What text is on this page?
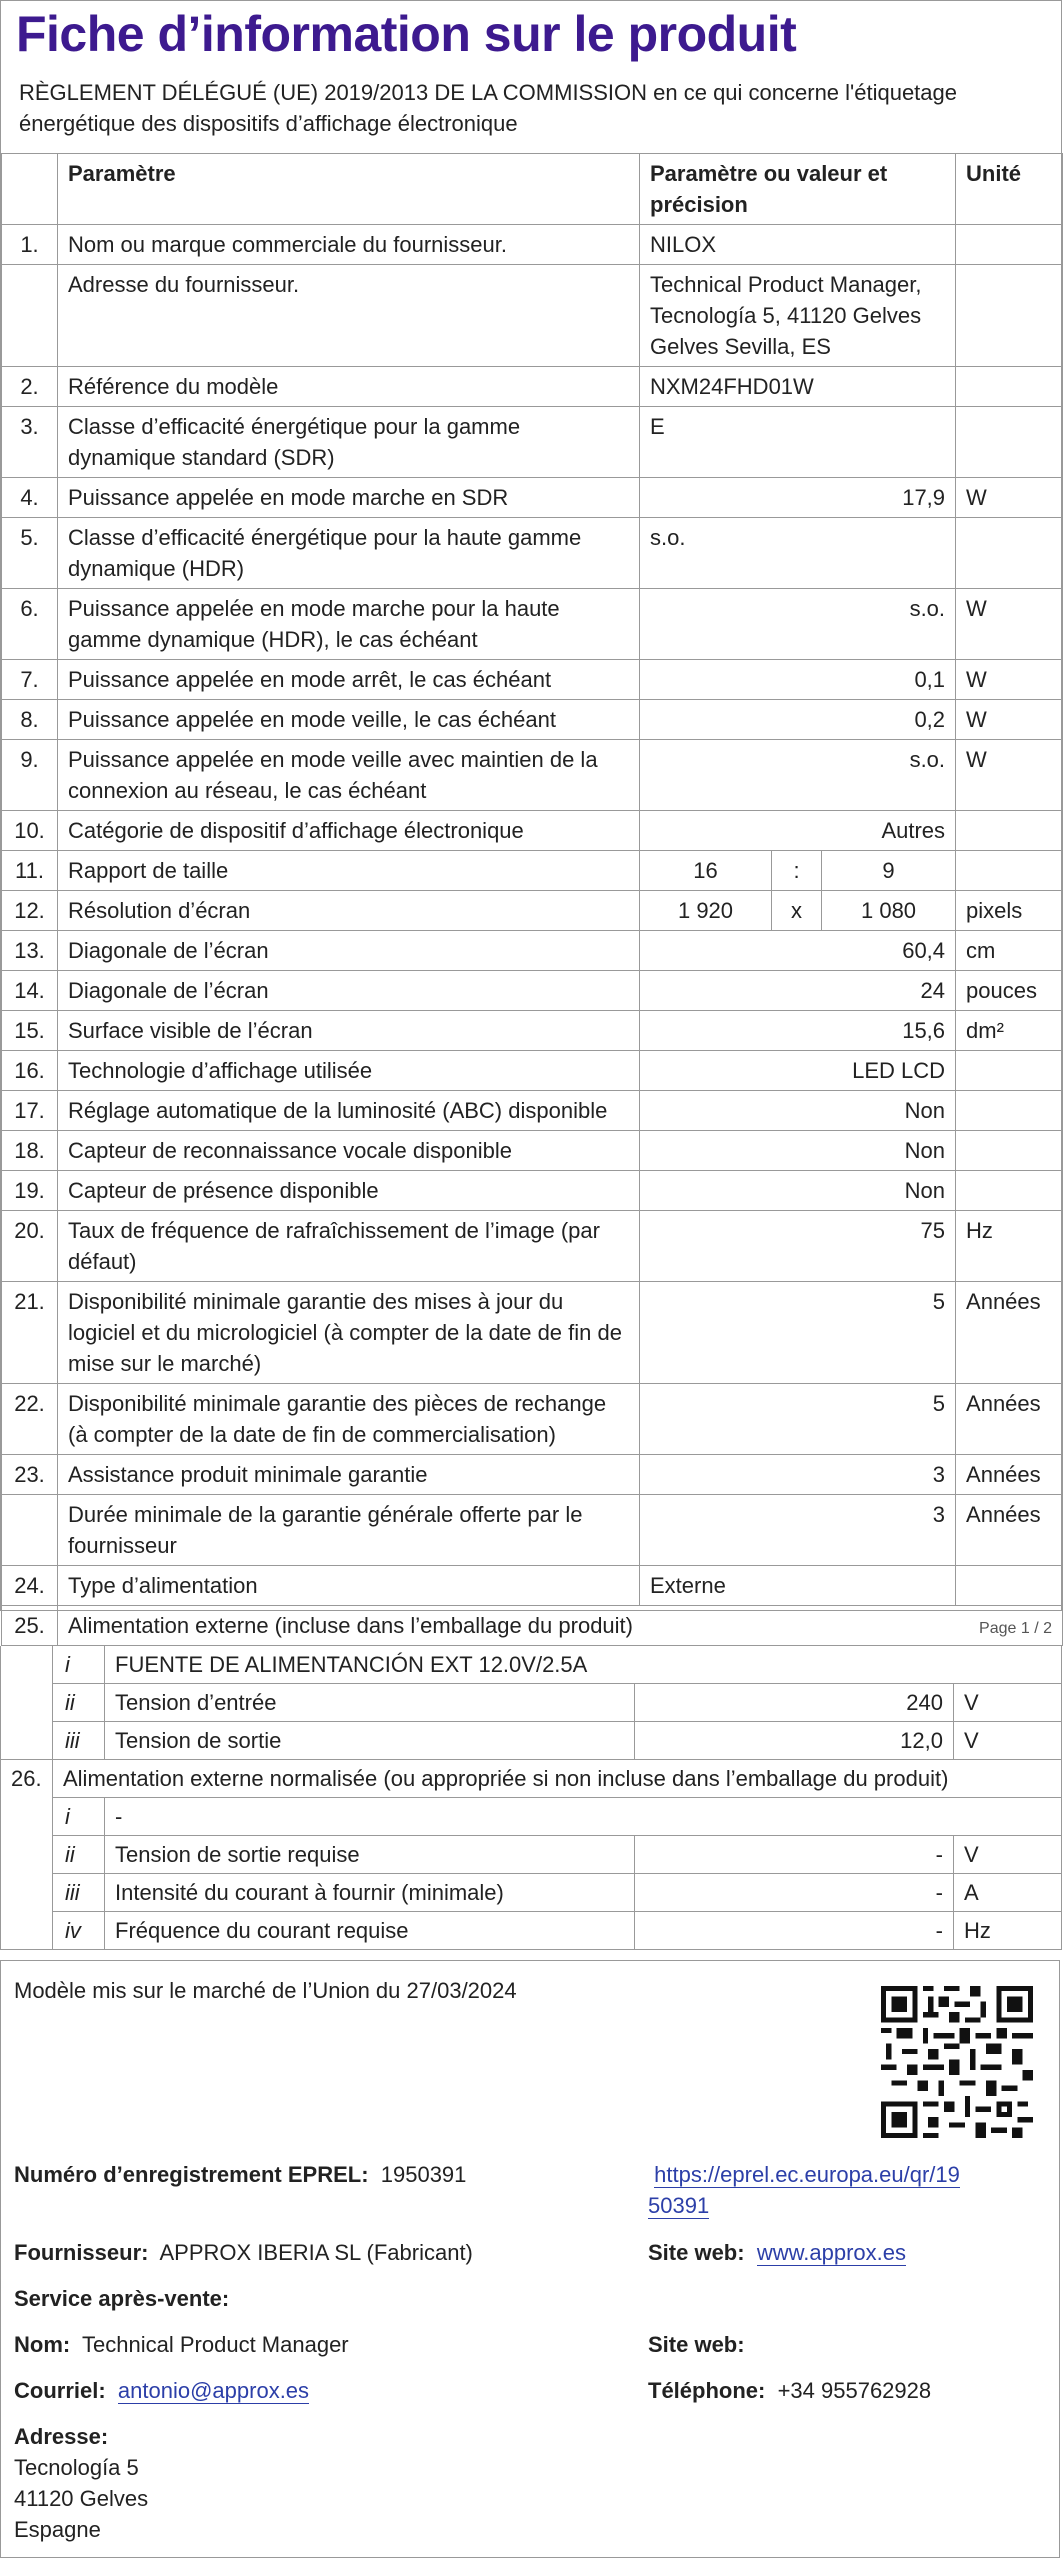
Fiche d’information sur le produit
RÈGLEMENT DÉLÉGUÉ (UE) 2019/2013 DE LA COMMISSION en ce qui concerne l'étiquetage énergétique des dispositifs d’affichage électronique
	Paramètre	Paramètre ou valeur et précision			Unité
1.	Nom ou marque commerciale du fournisseur.	NILOX			
	Adresse du fournisseur.	Technical Product Manager, Tecnología 5, 41120 Gelves Gelves Sevilla, ES			
2.	Référence du modèle	NXM24FHD01W			
3.	Classe d’efficacité énergétique pour la gamme dynamique standard (SDR)	E			
4.	Puissance appelée en mode marche en SDR	17,9			W
5.	Classe d’efficacité énergétique pour la haute gamme dynamique (HDR)	s.o.			
6.	Puissance appelée en mode marche pour la haute gamme dynamique (HDR), le cas échéant	s.o.			W
7.	Puissance appelée en mode arrêt, le cas échéant	0,1			W
8.	Puissance appelée en mode veille, le cas échéant	0,2			W
9.	Puissance appelée en mode veille avec maintien de la connexion au réseau, le cas échéant	s.o.			W
10.	Catégorie de dispositif d’affichage électronique	Autres			
11.	Rapport de taille	16	:	9	
12.	Résolution d’écran	1 920	x	1 080	pixels
13.	Diagonale de l’écran	60,4			cm
14.	Diagonale de l’écran	24			pouces
15.	Surface visible de l’écran	15,6			dm²
16.	Technologie d’affichage utilisée	LED LCD			
17.	Réglage automatique de la luminosité (ABC) disponible	Non			
18.	Capteur de reconnaissance vocale disponible	Non			
19.	Capteur de présence disponible	Non			
20.	Taux de fréquence de rafraîchissement de l’image (par défaut)	75			Hz
21.	Disponibilité minimale garantie des mises à jour du logiciel et du micrologiciel (à compter de la date de fin de mise sur le marché)	5			Années
22.	Disponibilité minimale garantie des pièces de rechange (à compter de la date de fin de commercialisation)	5			Années
23.	Assistance produit minimale garantie	3			Années
	Durée minimale de la garantie générale offerte par le fournisseur	3			Années
24.	Type d’alimentation	Externe			
25.	Alimentation externe (incluse dans l’emballage du produit)					Page 1 / 2
	i	FUENTE DE ALIMENTANCIÓN EXT 12.0V/2.5A		
	ii	Tension d’entrée	240	V
	iii	Tension de sortie	12,0	V
26.	Alimentation externe normalisée (ou appropriée si non incluse dans l’emballage du produit)			
	i	-		
	ii	Tension de sortie requise	-	V
	iii	Intensité du courant à fournir (minimale)	-	A
	iv	Fréquence du courant requise	-	Hz
Modèle mis sur le marché de l’Union du 27/03/2024
Numéro d’enregistrement EPREL: 1950391	https://eprel.ec.europa.eu/qr/19
50391
Fournisseur: APPROX IBERIA SL (Fabricant)	Site web: www.approx.es
Service après-vente:
Nom: Technical Product Manager	Site web:
Courriel: antonio@approx.es	Téléphone: +34 955762928
Adresse:
Tecnología 5
41120 Gelves
Espagne
